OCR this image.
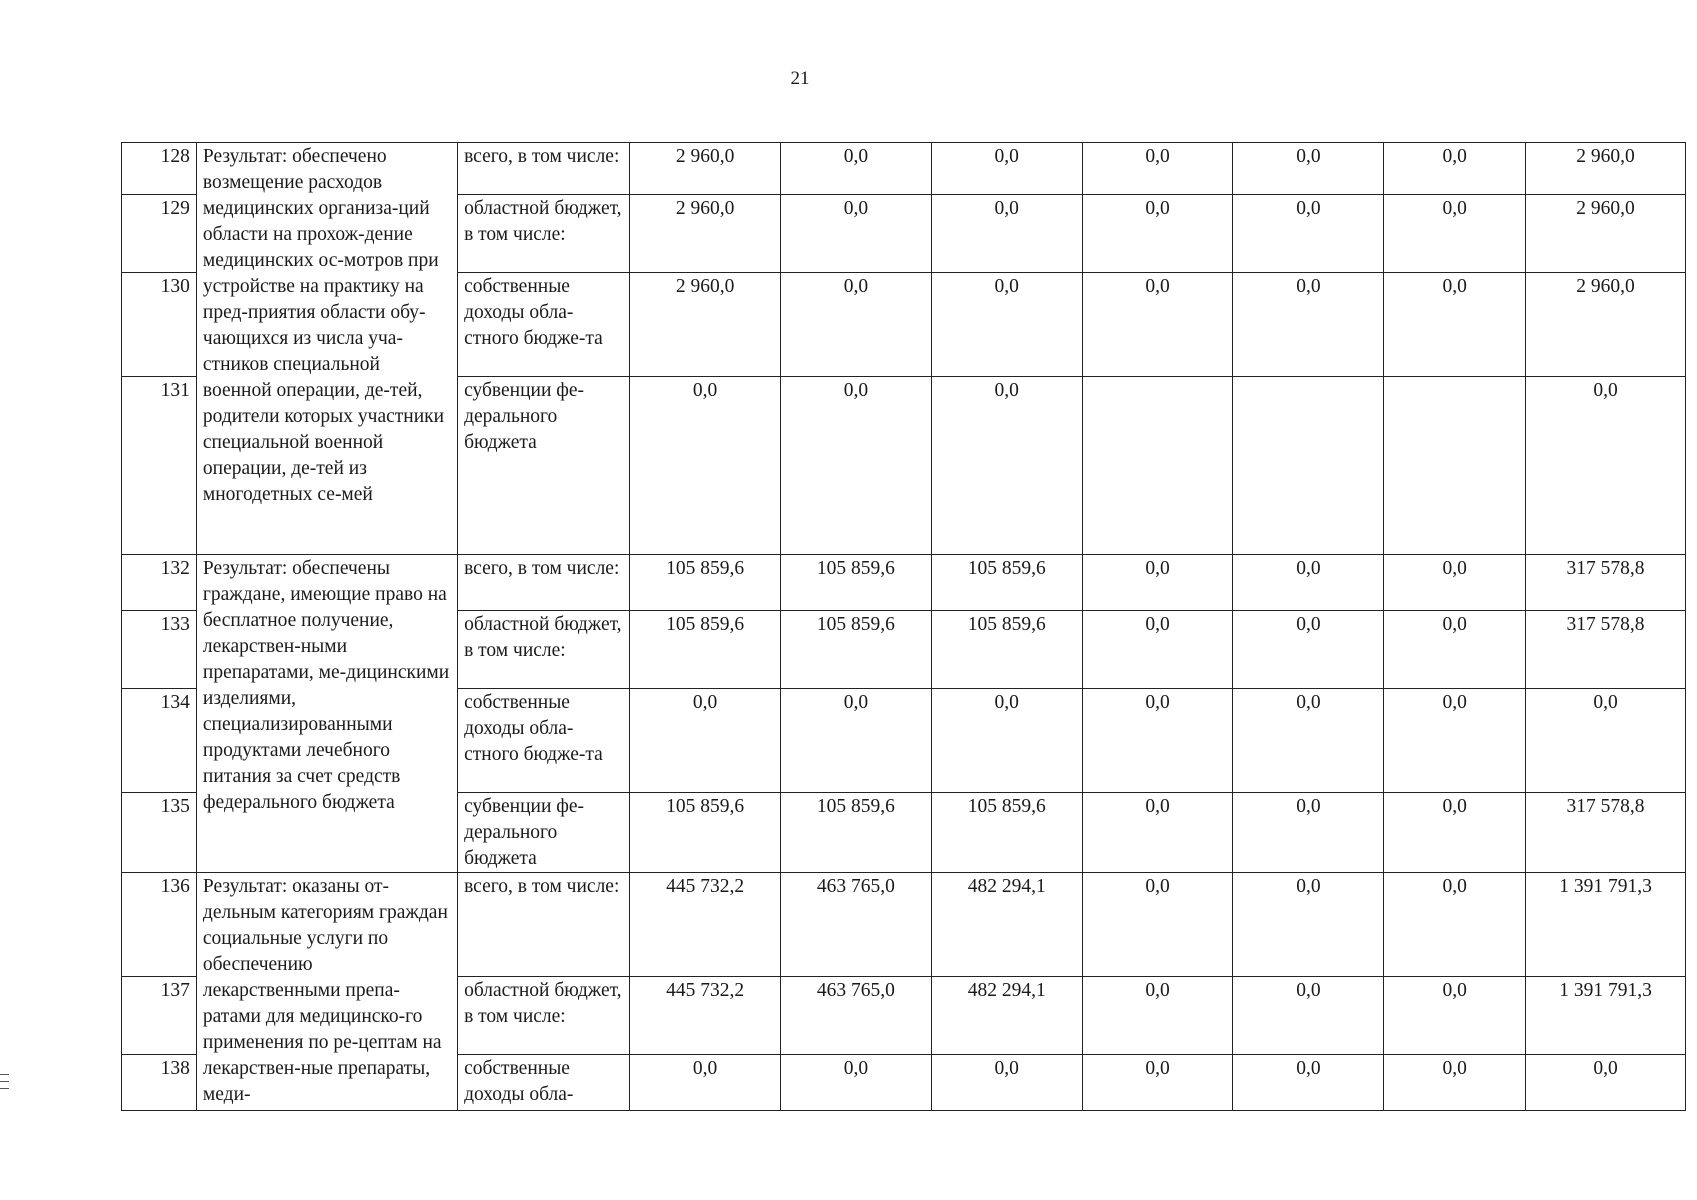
21
128	Результат: обеспечено возмещение расходов медицинских организа-ций области на прохож-дение медицинских ос-мотров при устройстве на практику на пред-приятия области обу-чающихся из числа уча-стников специальной военной операции, де-тей, родители которых участники специальной военной операции, де-тей из многодетных се-мей	всего, в том числе:	2 960,0	0,0	0,0	0,0	0,0	0,0	2 960,0
129		областной бюджет, в том числе:	2 960,0	0,0	0,0	0,0	0,0	0,0	2 960,0
130		собственные доходы обла-стного бюдже-та	2 960,0	0,0	0,0	0,0	0,0	0,0	2 960,0
131		субвенции фе-дерального бюджета	0,0	0,0	0,0				0,0
132	Результат: обеспечены граждане, имеющие право на бесплатное получение, лекарствен-ными препаратами, ме-дицинскими изделиями, специализированными продуктами лечебного питания за счет средств федерального бюджета	всего, в том числе:	105 859,6	105 859,6	105 859,6	0,0	0,0	0,0	317 578,8
133		областной бюджет, в том числе:	105 859,6	105 859,6	105 859,6	0,0	0,0	0,0	317 578,8
134		собственные доходы обла-стного бюдже-та	0,0	0,0	0,0	0,0	0,0	0,0	0,0
135		субвенции фе-дерального бюджета	105 859,6	105 859,6	105 859,6	0,0	0,0	0,0	317 578,8
136	Результат: оказаны от-дельным категориям граждан социальные услуги по обеспечению лекарственными препа-ратами для медицинско-го применения по ре-цептам на лекарствен-ные препараты, меди-	всего, в том числе:	445 732,2	463 765,0	482 294,1	0,0	0,0	0,0	1 391 791,3
137		областной бюджет, в том числе:	445 732,2	463 765,0	482 294,1	0,0	0,0	0,0	1 391 791,3
138		собственные доходы обла-	0,0	0,0	0,0	0,0	0,0	0,0	0,0
